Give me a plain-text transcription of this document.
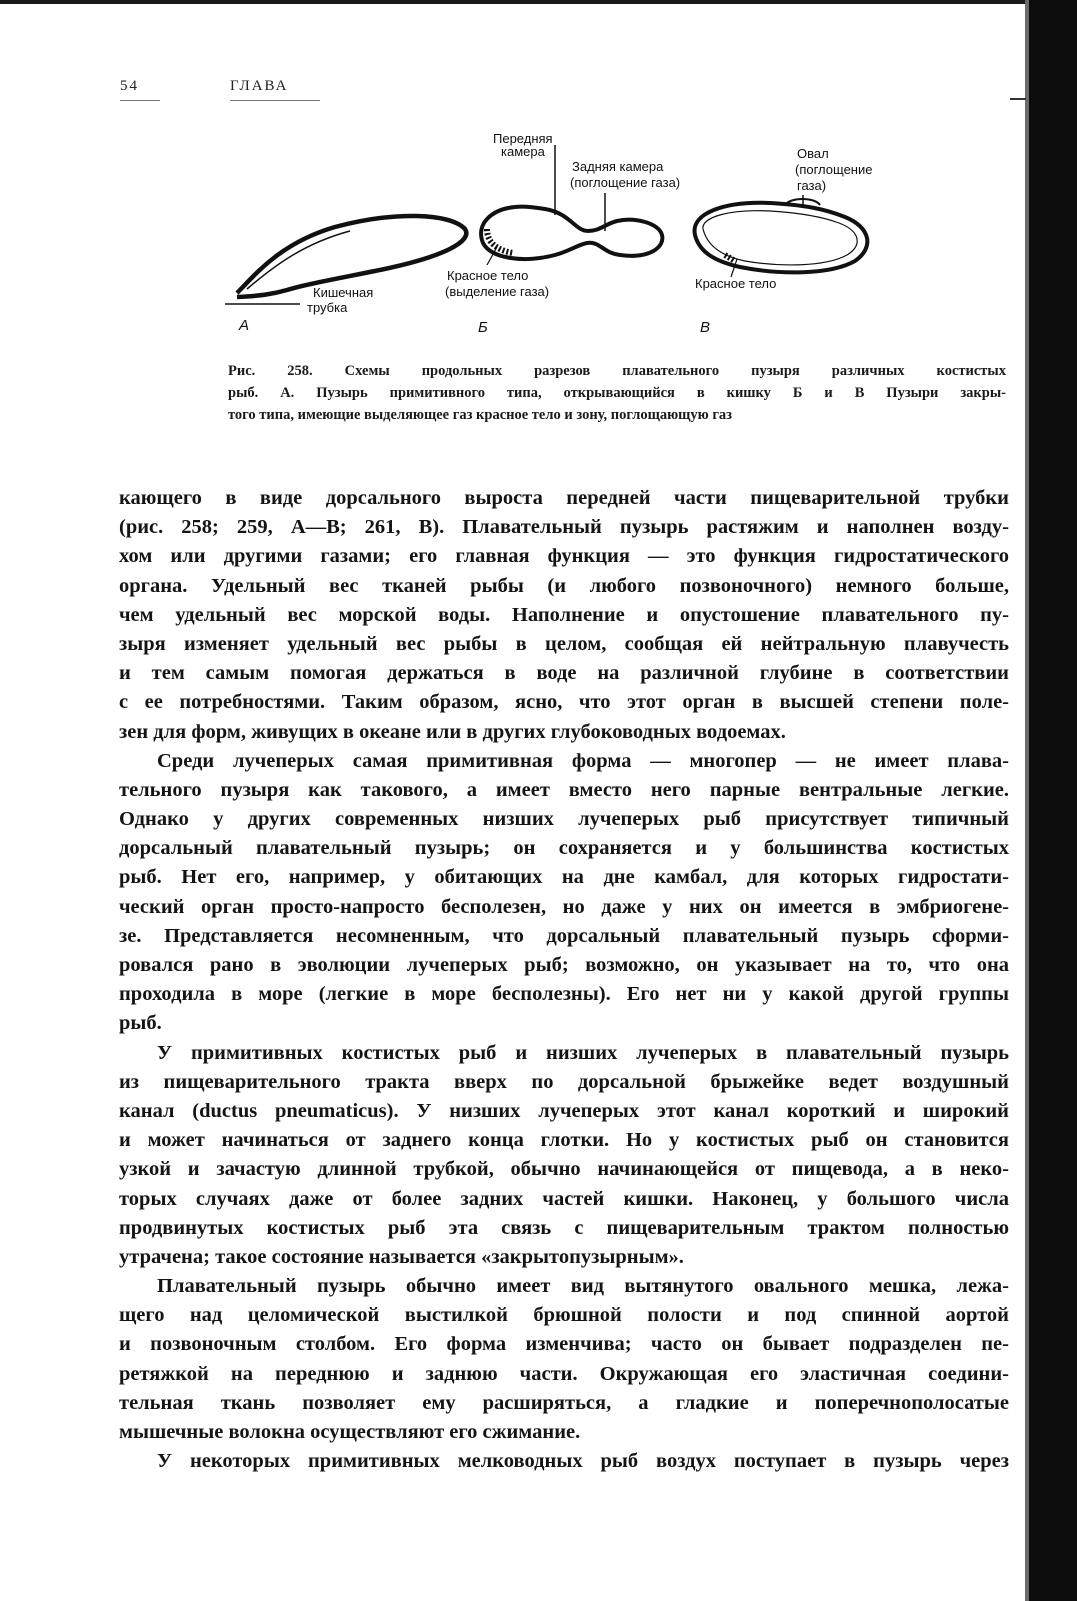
54	ГЛАВА
Кишечная
трубка
А
Передняя
камера
Задняя камера
(поглощение газа)
Красное тело
(выделение газа)
Б
Овал
(поглощение
газа)
Красное тело
В
Рис. 258. Схемы продольных разрезов плавательного пузыря различных костистых
рыб. А. Пузырь примитивного типа, открывающийся в кишку Б и В Пузыри закры-
того типа, имеющие выделяющее газ красное тело и зону, поглощающую газ
кающего в виде дорсального выроста передней части пищеварительной трубки
(рис. 258; 259, А—В; 261, В). Плавательный пузырь растяжим и наполнен возду-
хом или другими газами; его главная функция — это функция гидростатического
органа. Удельный вес тканей рыбы (и любого позвоночного) немного больше,
чем удельный вес морской воды. Наполнение и опустошение плавательного пу-
зыря изменяет удельный вес рыбы в целом, сообщая ей нейтральную плавучесть
и тем самым помогая держаться в воде на различной глубине в соответствии
с ее потребностями. Таким образом, ясно, что этот орган в высшей степени поле-
зен для форм, живущих в океане или в других глубоководных водоемах.
Среди лучеперых самая примитивная форма — многопер — не имеет плава-
тельного пузыря как такового, а имеет вместо него парные вентральные легкие.
Однако у других современных низших лучеперых рыб присутствует типичный
дорсальный плавательный пузырь; он сохраняется и у большинства костистых
рыб. Нет его, например, у обитающих на дне камбал, для которых гидростати-
ческий орган просто-напросто бесполезен, но даже у них он имеется в эмбриогене-
зе. Представляется несомненным, что дорсальный плавательный пузырь сформи-
ровался рано в эволюции лучеперых рыб; возможно, он указывает на то, что она
проходила в море (легкие в море бесполезны). Его нет ни у какой другой группы
рыб.
У примитивных костистых рыб и низших лучеперых в плавательный пузырь
из пищеварительного тракта вверх по дорсальной брыжейке ведет воздушный
канал (ductus pneumaticus). У низших лучеперых этот канал короткий и широкий
и может начинаться от заднего конца глотки. Но у костистых рыб он становится
узкой и зачастую длинной трубкой, обычно начинающейся от пищевода, а в неко-
торых случаях даже от более задних частей кишки. Наконец, у большого числа
продвинутых костистых рыб эта связь с пищеварительным трактом полностью
утрачена; такое состояние называется «закрытопузырным».
Плавательный пузырь обычно имеет вид вытянутого овального мешка, лежа-
щего над целомической выстилкой брюшной полости и под спинной аортой
и позвоночным столбом. Его форма изменчива; часто он бывает подразделен пе-
ретяжкой на переднюю и заднюю части. Окружающая его эластичная соедини-
тельная ткань позволяет ему расширяться, а гладкие и поперечнополосатые
мышечные волокна осуществляют его сжимание.
У некоторых примитивных мелководных рыб воздух поступает в пузырь через
